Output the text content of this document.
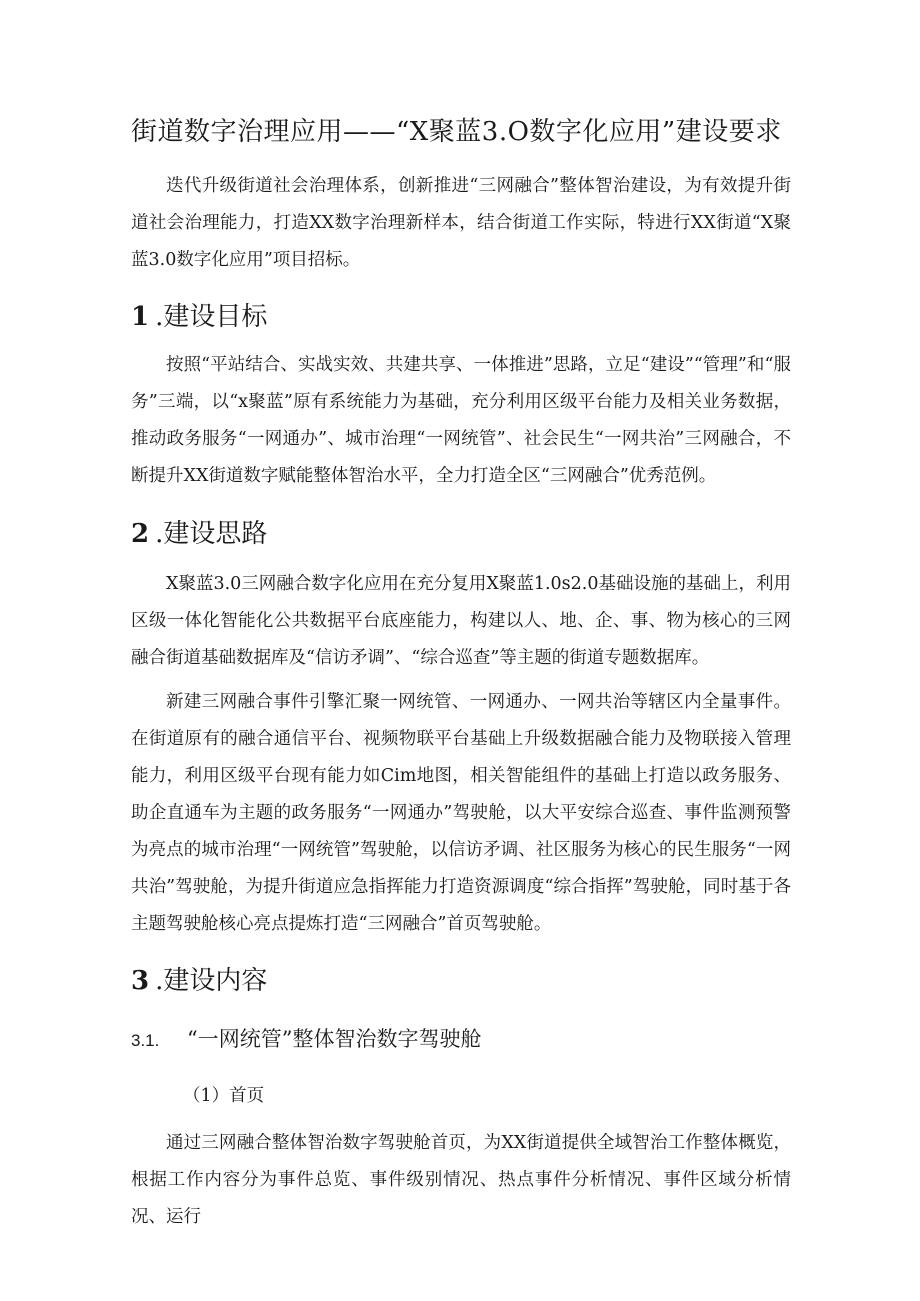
街道数字治理应用——“X聚蓝3.O数字化应用”建设要求

迭代升级街道社会治理体系，创新推进“三网融合”整体智治建设，为有效提升街道社会治理能力，打造XX数字治理新样本，结合街道工作实际，特进行XX街道“X聚蓝3.0数字化应用”项目招标。

1 .建设目标

按照“平站结合、实战实效、共建共享、一体推进”思路，立足“建设”“管理”和“服务”三端，以“x聚蓝”原有系统能力为基础，充分利用区级平台能力及相关业务数据，推动政务服务“一网通办”、城市治理“一网统管”、社会民生“一网共治”三网融合，不断提升XX街道数字赋能整体智治水平，全力打造全区“三网融合”优秀范例。

2 .建设思路

X聚蓝3.0三网融合数字化应用在充分复用X聚蓝1.0s2.0基础设施的基础上，利用区级一体化智能化公共数据平台底座能力，构建以人、地、企、事、物为核心的三网融合街道基础数据库及“信访矛调”、“综合巡查”等主题的街道专题数据库。

新建三网融合事件引擎汇聚一网统管、一网通办、一网共治等辖区内全量事件。在街道原有的融合通信平台、视频物联平台基础上升级数据融合能力及物联接入管理能力，利用区级平台现有能力如Cim地图，相关智能组件的基础上打造以政务服务、助企直通车为主题的政务服务“一网通办”驾驶舱，以大平安综合巡查、事件监测预警为亮点的城市治理“一网统管”驾驶舱，以信访矛调、社区服务为核心的民生服务“一网共治”驾驶舱，为提升街道应急指挥能力打造资源调度“综合指挥”驾驶舱，同时基于各主题驾驶舱核心亮点提炼打造“三网融合”首页驾驶舱。

3 .建设内容
3.1. “一网统管”整体智治数字驾驶舱
（1）首页

通过三网融合整体智治数字驾驶舱首页，为XX街道提供全域智治工作整体概览，根据工作内容分为事件总览、事件级别情况、热点事件分析情况、事件区域分析情况、运行
